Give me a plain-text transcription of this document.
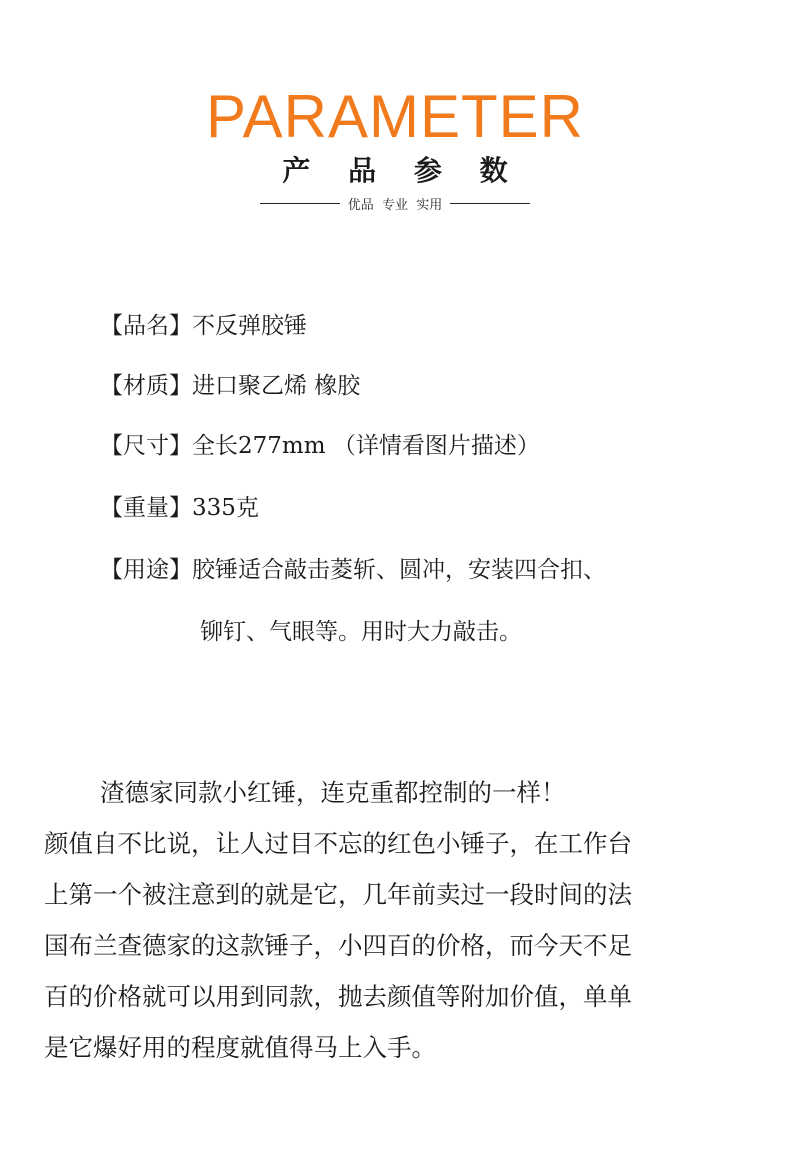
PARAMETER
产 品 参 数
优品  专业  实用
【品名】不反弹胶锤
【材质】进口聚乙烯 橡胶
【尺寸】全长277mm （详情看图片描述）
【重量】335克
【用途】胶锤适合敲击菱斩、圆冲，安装四合扣、
铆钉、气眼等。用时大力敲击。
渣德家同款小红锤，连克重都控制的一样！
颜值自不比说，让人过目不忘的红色小锤子，在工作台
上第一个被注意到的就是它，几年前卖过一段时间的法
国布兰查德家的这款锤子，小四百的价格，而今天不足
百的价格就可以用到同款，抛去颜值等附加价值，单单
是它爆好用的程度就值得马上入手。
